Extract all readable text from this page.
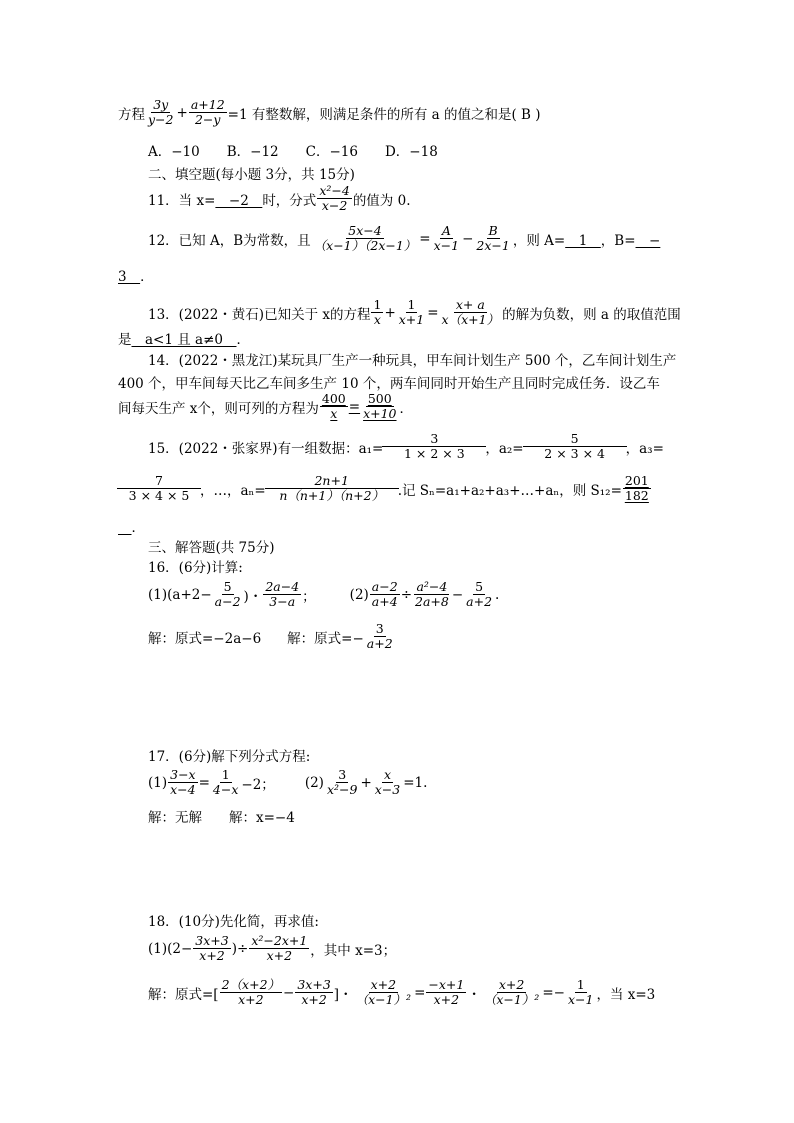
方程
3y
$y-2 + \frac{a+12}{2-y} =1$ 有整数解，则满足条件的所有 a 的值之和是( B )
A．−10　　B．−12　　C．−16　　D．−18
二、填空题(每小题 3分，共 15分)
11．当 x= 　−2　 时，分式
x²−4
x−2 的值为 0.
12．已知 A，B为常数，且 $\frac{5x-4}{(x-1)(2x-1)} = \frac{A}{x-1} - \frac{B}{2x-1}$ ，则 A= 　1　 ，B= 　−
3　 ．
13．(2022・黄石)已知关于 x的方程
1
$x + \frac{1}{x+1} = \frac{x+ a}{x(x+1)}$ 的解为负数，则 a 的取值范围
是 　a<1 且 a≠0　 ．
14．(2022・黑龙江)某玩具厂生产一种玩具，甲车间计划生产 500 个，乙车间计划生产
400 个，甲车间每天比乙车间多生产 10 个，两车间同时开始生产且同时完成任务．设乙车
间每天生产 x个，则可列的方程为 $\frac{400}{x} = \frac{500}{x+10}$ ．
15．(2022・张家界)有一组数据：$a_1= \frac{3}{1 \times 2 \times 3}$ ，$a_2= \frac{5}{2 \times 3 \times 4}$ ，a₃=
7
3 × 4 × 5 ，…，$a_n= \frac{2n+1}{n(n+1)(n+2)}$ .记 Sₙ=a₁+a₂+a₃+…+aₙ，则 $S_{12}= \frac{201}{182}$

．
三、解答题(共 75分)
16．(6分)计算:
$(1)(a+2- \frac{5}{a-2}$ )・
2a−4
3−a ；	$(2) \frac{a-2}{a+4} \div \frac{\text{a²−4}}{2a+8} - \frac{5}{a+2}$ .
解：原式=−2a−6 解：原式=− $\frac{3}{a+2}$
17．(6分)解下列分式方程:
$(1) \frac{3-x}{x-4} = \frac{1}{4-x} -2$； (2) 3
$x^2-9 + \frac{x}{x-3} =1$.
解：无解　　解：x=−4
18．(10分)先化简，再求值:
$(1)(2- \frac{3x+3}{x+2}$ )÷ $\frac{\text{x²−2x+1}}{x+2}$ ，其中 x=3；
解：原式=[
2（x+2）
$x+2 - \frac{3x+3}{x+2}$ ]・ $\frac{x+2}{\text{（x−1）²}} = \frac{-x+1}{x+2}$ ・ $\frac{x+2}{\text{（x−1）²}} =- \frac{1}{x-1}$ ，当 x=3
